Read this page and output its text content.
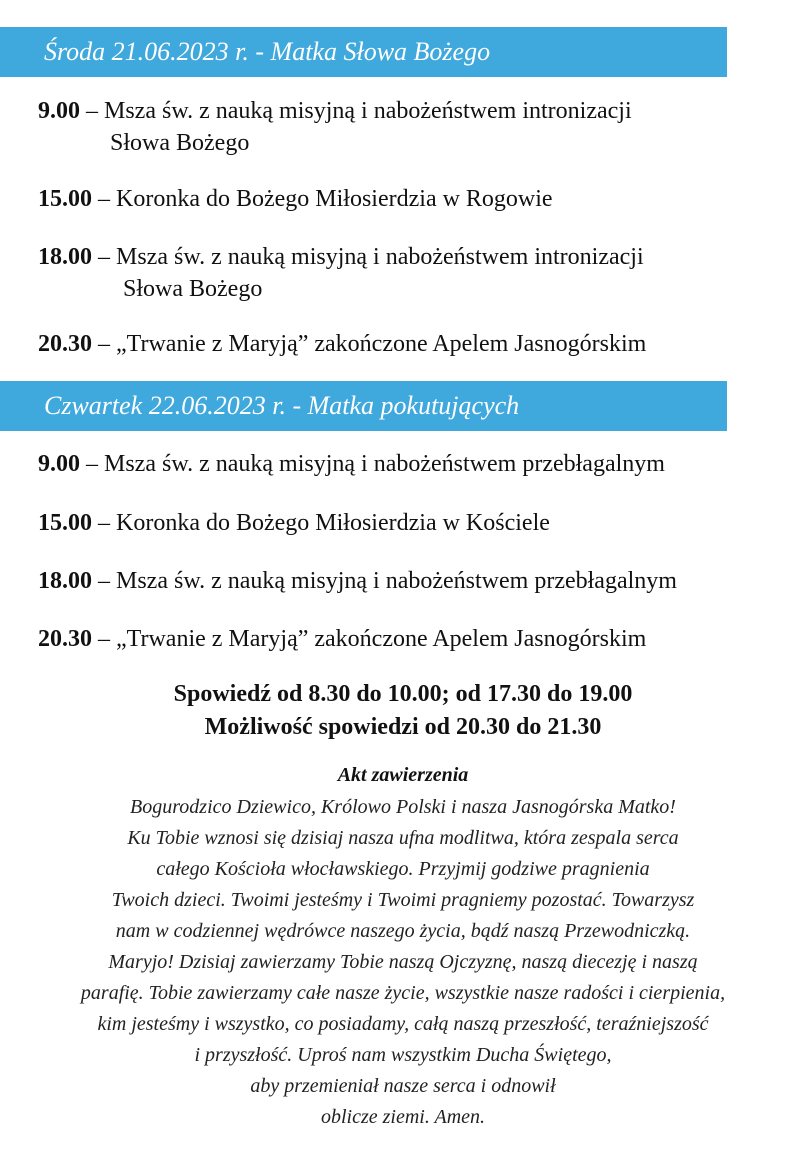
Środa 21.06.2023 r. - Matka Słowa Bożego
9.00 – Msza św. z nauką misyjną i nabożeństwem intronizacji
Słowa Bożego
15.00 – Koronka do Bożego Miłosierdzia w Rogowie
18.00 – Msza św. z nauką misyjną i nabożeństwem intronizacji
Słowa Bożego
20.30 – „Trwanie z Maryją” zakończone Apelem Jasnogórskim
Czwartek 22.06.2023 r. - Matka pokutujących
9.00 – Msza św. z nauką misyjną i nabożeństwem przebłagalnym
15.00 – Koronka do Bożego Miłosierdzia w Kościele
18.00 – Msza św. z nauką misyjną i nabożeństwem przebłagalnym
20.30 – „Trwanie z Maryją” zakończone Apelem Jasnogórskim
Spowiedź od 8.30 do 10.00; od 17.30 do 19.00
Możliwość spowiedzi od 20.30 do 21.30
Akt zawierzenia
Bogurodzico Dziewico, Królowo Polski i nasza Jasnogórska Matko!
Ku Tobie wznosi się dzisiaj nasza ufna modlitwa, która zespala serca
całego Kościoła włocławskiego. Przyjmij godziwe pragnienia
Twoich dzieci. Twoimi jesteśmy i Twoimi pragniemy pozostać. Towarzysz
nam w codziennej wędrówce naszego życia, bądź naszą Przewodniczką.
Maryjo! Dzisiaj zawierzamy Tobie naszą Ojczyznę, naszą diecezję i naszą
parafię. Tobie zawierzamy całe nasze życie, wszystkie nasze radości i cierpienia,
kim jesteśmy i wszystko, co posiadamy, całą naszą przeszłość, teraźniejszość
i przyszłość. Uproś nam wszystkim Ducha Świętego,
aby przemieniał nasze serca i odnowił
oblicze ziemi. Amen.
